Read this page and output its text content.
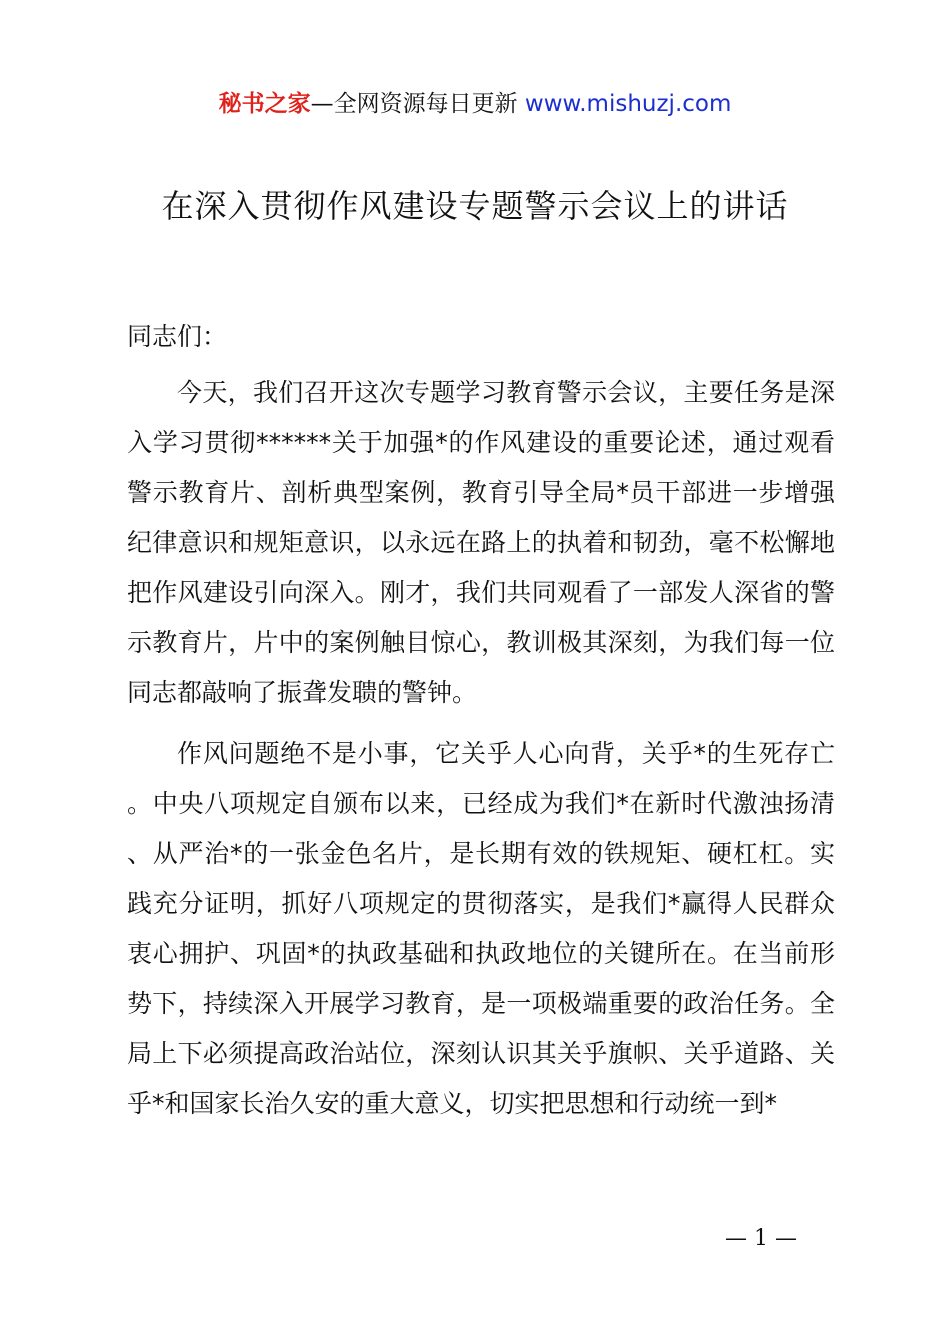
秘书之家—全网资源每日更新 www.mishuzj.com
在深入贯彻作风建设专题警示会议上的讲话

同志们：

今天，我们召开这次专题学习教育警示会议，主要任务是深入学习贯彻******关于加强*的作风建设的重要论述，通过观看警示教育片、剖析典型案例，教育引导全局*员干部进一步增强纪律意识和规矩意识，以永远在路上的执着和韧劲，毫不松懈地把作风建设引向深入。刚才，我们共同观看了一部发人深省的警示教育片，片中的案例触目惊心，教训极其深刻，为我们每一位同志都敲响了振聋发聩的警钟。

作风问题绝不是小事，它关乎人心向背，关乎*的生死存亡。中央八项规定自颁布以来，已经成为我们*在新时代激浊扬清、从严治*的一张金色名片，是长期有效的铁规矩、硬杠杠。实践充分证明，抓好八项规定的贯彻落实，是我们*赢得人民群众衷心拥护、巩固*的执政基础和执政地位的关键所在。在当前形势下，持续深入开展学习教育，是一项极端重要的政治任务。全局上下必须提高政治站位，深刻认识其关乎旗帜、关乎道路、关乎*和国家长治久安的重大意义，切实把思想和行动统一到*

— 1 —
